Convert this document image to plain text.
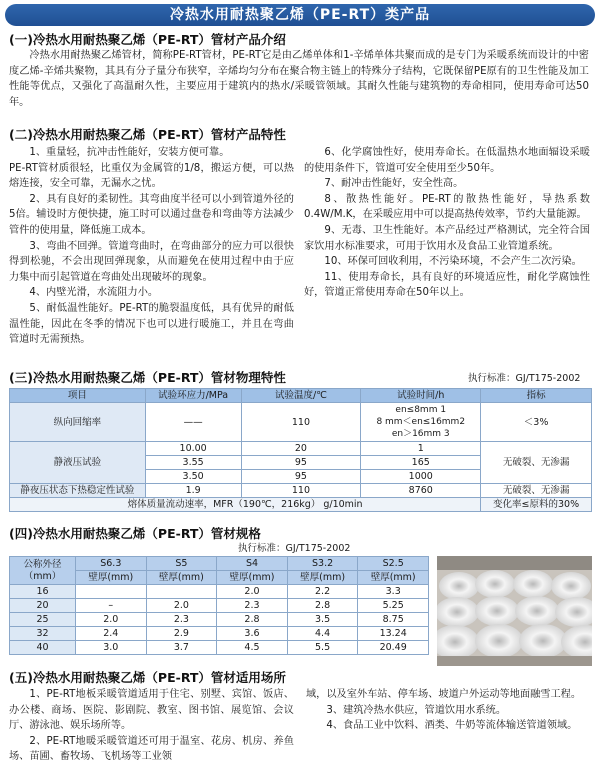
冷热水用耐热聚乙烯（PE-RT）类产品
(一)冷热水用耐热聚乙烯（PE-RT）管材产品介绍

冷热水用耐热聚乙烯管材，简称PE-RT管材，PE-RT它是由乙烯单体和1-辛烯单体共聚而成的是专门为采暖系统而设计的中密度乙烯-辛烯共聚物，其具有分子量分布狭窄，辛烯均匀分布在聚合物主链上的特殊分子结构，它既保留PE原有的卫生性能及加工性能等优点，又强化了高温耐久性，主要应用于建筑内的热水/采暖管领域。其耐久性能与建筑物的寿命相同，使用寿命可达50年。

(二)冷热水用耐热聚乙烯（PE-RT）管材产品特性

1、重量轻，抗冲击性能好，安装方便可靠。

PE-RT管材质很轻，比重仅为金属管的1/8，搬运方便，可以热熔连接，安全可靠，无漏水之忧。

2、具有良好的柔韧性。其弯曲度半径可以小到管道外径的5倍。辅设时方便快捷，施工时可以通过盘卷和弯曲等方法减少管件的使用量，降低施工成本。

3、弯曲不回弹。管道弯曲时，在弯曲部分的应力可以很快得到松驰，不会出现回弹现象，从而避免在使用过程中由于应力集中而引起管道在弯曲处出现破坏的现象。

4、内壁光滑，水流阻力小。

5、耐低温性能好。PE-RT的脆裂温度低，具有优异的耐低温性能，因此在冬季的情况下也可以进行暖施工，并且在弯曲管道时无需预热。

6、化学腐蚀性好，使用寿命长。在低温热水地面辐设采暖的使用条件下，管道可安全使用至少50年。

7、耐冲击性能好，安全性高。

8、散热性能好。PE-RT的散热性能好，导热系数0.4W/M.K，在采暖应用中可以提高热传效率，节约大量能源。

9、无毒、卫生性能好。本产品经过严格测试，完全符合国家饮用水标准要求，可用于饮用水及食品工业管道系统。

10、环保可回收利用，不污染环境，不会产生二次污染。

11、使用寿命长，具有良好的环境适应性，耐化学腐蚀性好，管道正常使用寿命在50年以上。

(三)冷热水用耐热聚乙烯（PE-RT）管材物理特性	执行标准：GJ/T175-2002
项目	试验环应力/MPa	试验温度/℃	试验时间/h	指标
纵向回缩率	——	110	en≤8mm 1
8 mm＜en≤16mm2
en＞16mm 3	＜3%
静液压试验	10.00	20	1	无破裂、无渗漏
	3.55	95	165	
	3.50	95	1000	
静夜压状态下热稳定性试验	1.9	110	8760	无破裂、无渗漏
熔体质量流动速率，MFR（190℃，216kg） g/10min				变化率≤原料的30%
(四)冷热水用耐热聚乙烯（PE-RT）管材规格
执行标准：GJ/T175-2002
公称外径（mm）	S6.3	S5	S4	S3.2	S2.5
	壁厚(mm)	壁厚(mm)	壁厚(mm)	壁厚(mm)	壁厚(mm)
16			2.0	2.2	3.3
20	–	2.0	2.3	2.8	5.25
25	2.0	2.3	2.8	3.5	8.75
32	2.4	2.9	3.6	4.4	13.24
40	3.0	3.7	4.5	5.5	20.49
(五)冷热水用耐热聚乙烯（PE-RT）管材适用场所

1、PE-RT地板采暖管道适用于住宅、别墅、宾馆、饭店、办公楼、商场、医院、影剧院、教室、图书馆、展览馆、会议厅、游泳池、娱乐场所等。

2、PE-RT地暖采暖管道还可用于温室、花房、机房、养鱼场、苗圃、畜牧场、飞机场等工业领

域，以及室外车站、停车场、坡道户外运动等地面融雪工程。

3、建筑冷热水供应，管道饮用水系统。

4、食品工业中饮料、酒类、牛奶等流体输送管道领域。
